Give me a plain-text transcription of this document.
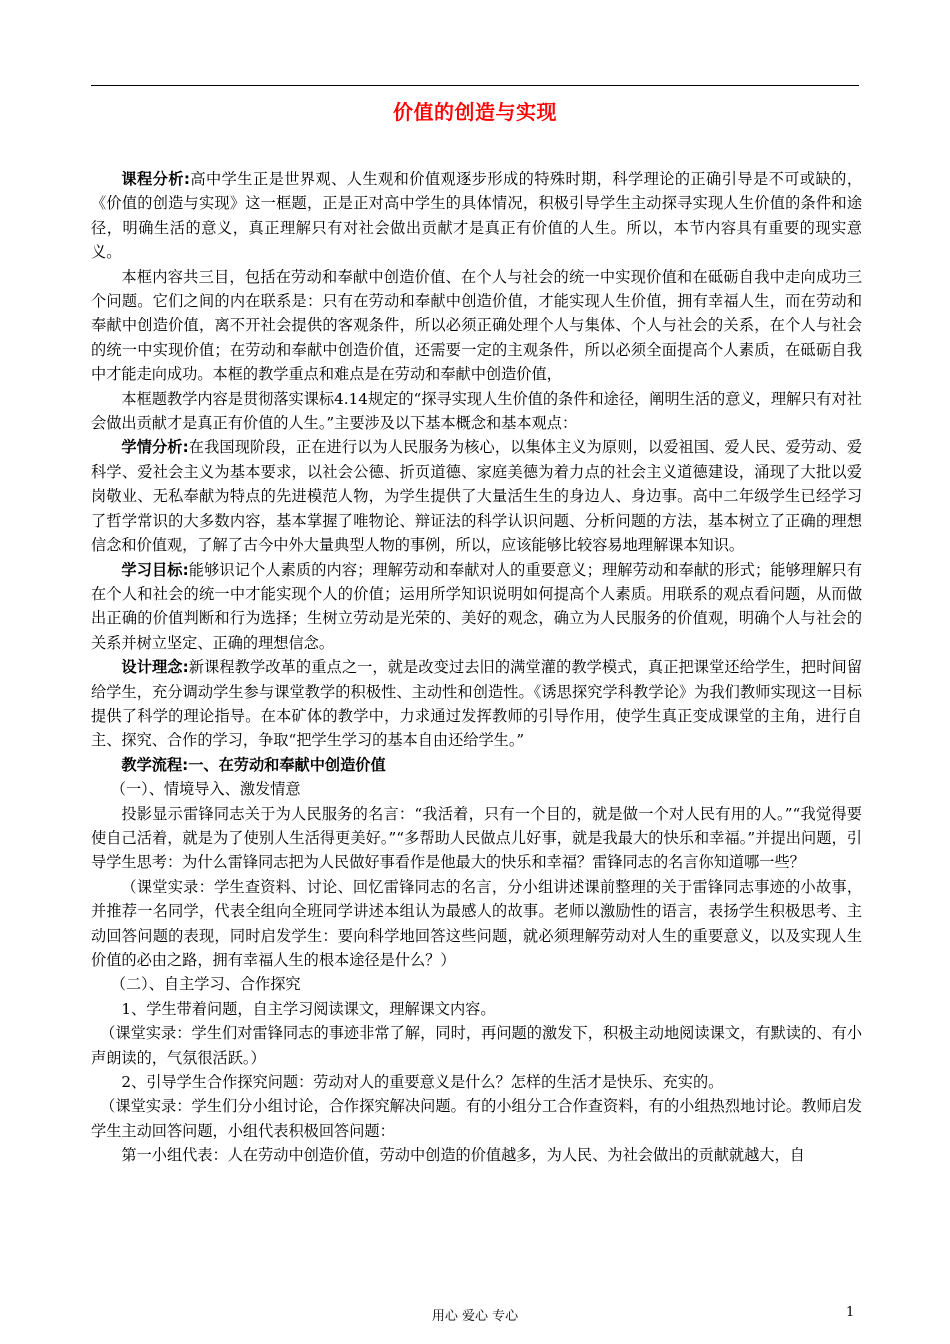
价值的创造与实现

课程分析:高中学生正是世界观、人生观和价值观逐步形成的特殊时期，科学理论的正确引导是不可或缺的，《价值的创造与实现》这一框题，正是正对高中学生的具体情况，积极引导学生主动探寻实现人生价值的条件和途径，明确生活的意义，真正理解只有对社会做出贡献才是真正有价值的人生。所以，本节内容具有重要的现实意义。

本框内容共三目，包括在劳动和奉献中创造价值、在个人与社会的统一中实现价值和在砥砺自我中走向成功三个问题。它们之间的内在联系是：只有在劳动和奉献中创造价值，才能实现人生价值，拥有幸福人生，而在劳动和奉献中创造价值，离不开社会提供的客观条件，所以必须正确处理个人与集体、个人与社会的关系，在个人与社会的统一中实现价值；在劳动和奉献中创造价值，还需要一定的主观条件，所以必须全面提高个人素质，在砥砺自我中才能走向成功。本框的教学重点和难点是在劳动和奉献中创造价值，

本框题教学内容是贯彻落实课标4.14规定的“探寻实现人生价值的条件和途径，阐明生活的意义，理解只有对社会做出贡献才是真正有价值的人生。”主要涉及以下基本概念和基本观点：

学情分析:在我国现阶段，正在进行以为人民服务为核心，以集体主义为原则，以爱祖国、爱人民、爱劳动、爱科学、爱社会主义为基本要求，以社会公德、折页道德、家庭美德为着力点的社会主义道德建设，涌现了大批以爱岗敬业、无私奉献为特点的先进模范人物，为学生提供了大量活生生的身边人、身边事。高中二年级学生已经学习了哲学常识的大多数内容，基本掌握了唯物论、辩证法的科学认识问题、分析问题的方法，基本树立了正确的理想信念和价值观，了解了古今中外大量典型人物的事例，所以，应该能够比较容易地理解课本知识。

学习目标:能够识记个人素质的内容；理解劳动和奉献对人的重要意义；理解劳动和奉献的形式；能够理解只有在个人和社会的统一中才能实现个人的价值；运用所学知识说明如何提高个人素质。用联系的观点看问题，从而做出正确的价值判断和行为选择；生树立劳动是光荣的、美好的观念，确立为人民服务的价值观，明确个人与社会的关系并树立坚定、正确的理想信念。

设计理念:新课程教学改革的重点之一，就是改变过去旧的满堂灌的教学模式，真正把课堂还给学生，把时间留给学生，充分调动学生参与课堂教学的积极性、主动性和创造性。《诱思探究学科教学论》为我们教师实现这一目标提供了科学的理论指导。在本矿体的教学中，力求通过发挥教师的引导作用，使学生真正变成课堂的主角，进行自主、探究、合作的学习，争取“把学生学习的基本自由还给学生。”

教学流程:一、在劳动和奉献中创造价值

（一）、情境导入、激发情意

投影显示雷锋同志关于为人民服务的名言：“我活着，只有一个目的，就是做一个对人民有用的人。”“我觉得要使自己活着，就是为了使别人生活得更美好。”“多帮助人民做点儿好事，就是我最大的快乐和幸福。”并提出问题，引导学生思考：为什么雷锋同志把为人民做好事看作是他最大的快乐和幸福？雷锋同志的名言你知道哪一些？

（课堂实录：学生查资料、讨论、回忆雷锋同志的名言，分小组讲述课前整理的关于雷锋同志事迹的小故事，并推荐一名同学，代表全组向全班同学讲述本组认为最感人的故事。老师以激励性的语言，表扬学生积极思考、主动回答问题的表现，同时启发学生：要向科学地回答这些问题，就必须理解劳动对人生的重要意义，以及实现人生价值的必由之路，拥有幸福人生的根本途径是什么？）

（二）、自主学习、合作探究

1、学生带着问题，自主学习阅读课文，理解课文内容。

（课堂实录：学生们对雷锋同志的事迹非常了解，同时，再问题的激发下，积极主动地阅读课文，有默读的、有小声朗读的，气氛很活跃。）

2、引导学生合作探究问题：劳动对人的重要意义是什么？怎样的生活才是快乐、充实的。

（课堂实录：学生们分小组讨论，合作探究解决问题。有的小组分工合作查资料，有的小组热烈地讨论。教师启发学生主动回答问题，小组代表积极回答问题：

第一小组代表：人在劳动中创造价值，劳动中创造的价值越多，为人民、为社会做出的贡献就越大，自

用心 爱心 专心	1
